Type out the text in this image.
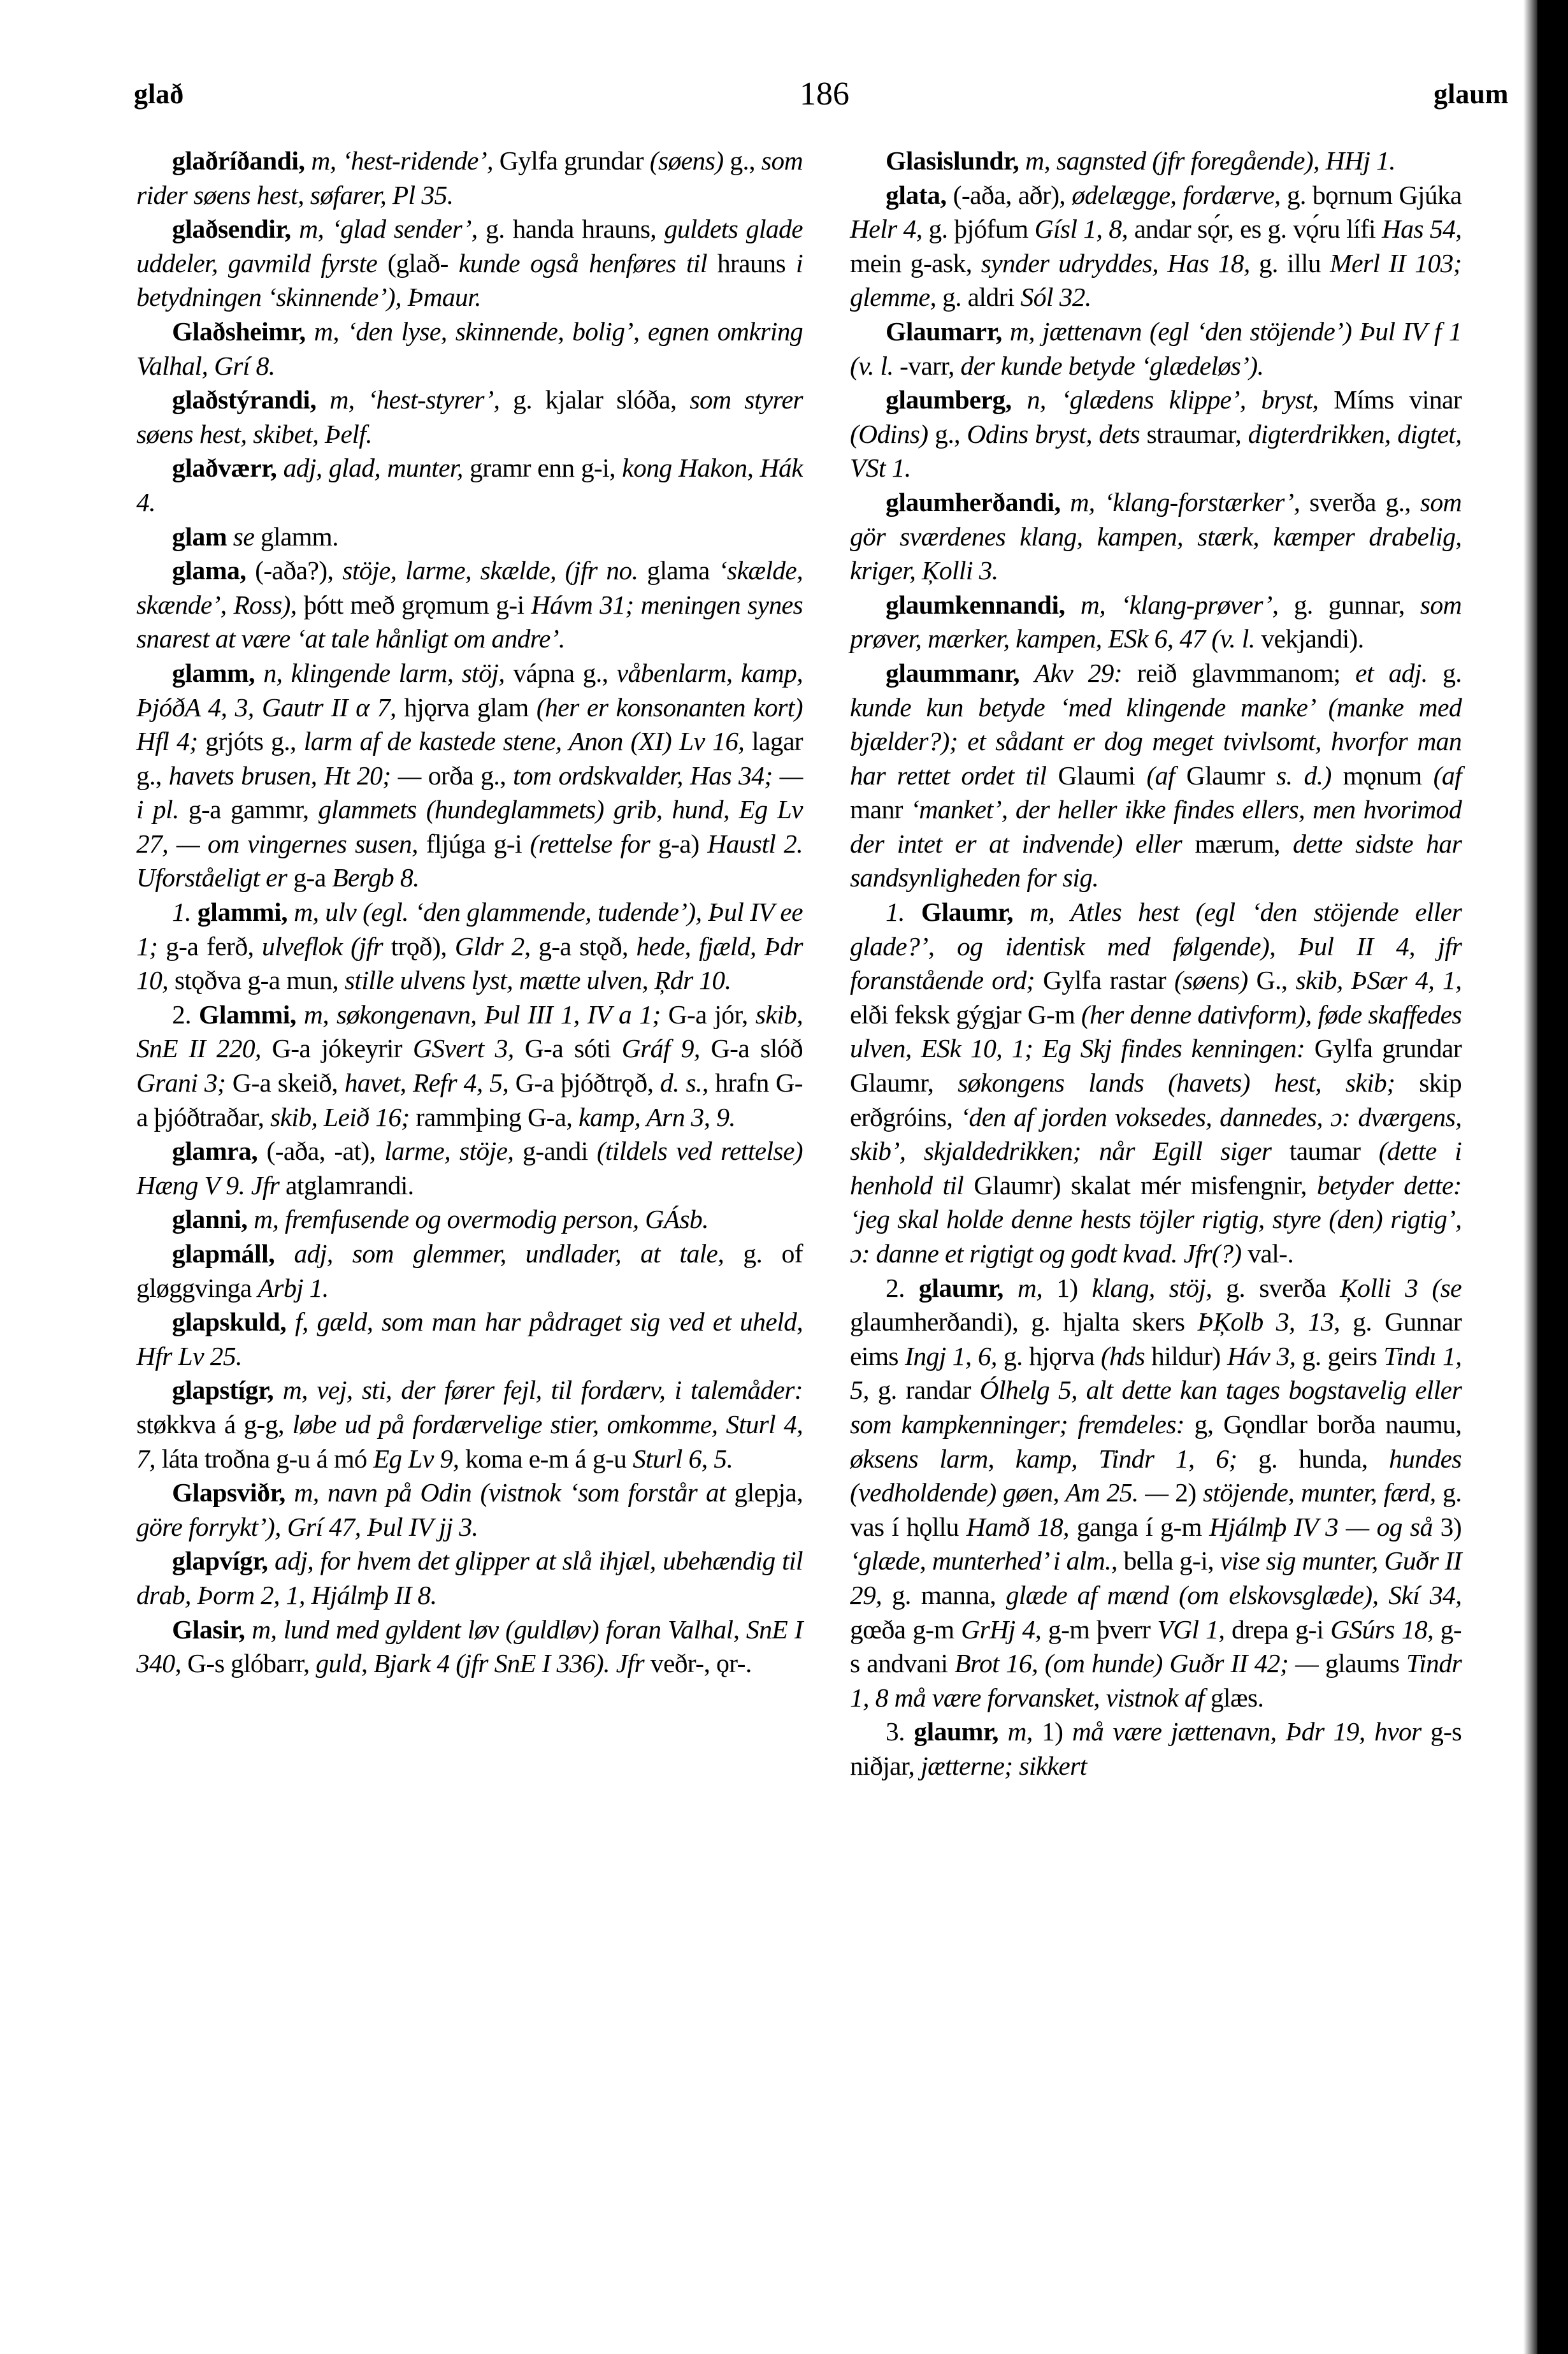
glað	186	glaum

glaðríðandi, m, ‘hest-ridende’, Gylfa grundar (søens) g., som rider søens hest, søfarer, Pl 35.

glaðsendir, m, ‘glad sender’, g. handa hrauns, guldets glade uddeler, gavmild fyrste (glað- kunde også henføres til hrauns i betydningen ‘skinnende’), Þmaur.

Glaðsheimr, m, ‘den lyse, skinnende, bolig’, egnen omkring Valhal, Grí 8.

glaðstýrandi, m, ‘hest-styrer’, g. kjalar slóða, som styrer søens hest, skibet, Þelf.

glaðværr, adj, glad, munter, gramr enn g-i, kong Hakon, Hák 4.

glam se glamm.

glama, (-aða?), stöje, larme, skælde, (jfr no. glama ‘skælde, skænde’, Ross), þótt með grǫmum g-i Hávm 31; meningen synes snarest at være ‘at tale hånligt om andre’.

glamm, n, klingende larm, stöj, vápna g., våbenlarm, kamp, ÞjóðA 4, 3, Gautr II α 7, hjǫrva glam (her er konsonanten kort) Hfl 4; grjóts g., larm af de kastede stene, Anon (XI) Lv 16, lagar g., havets brusen, Ht 20; — orða g., tom ordskvalder, Has 34; — i pl. g-a gammr, glammets (hundeglammets) grib, hund, Eg Lv 27, — om vingernes susen, fljúga g-i (rettelse for g-a) Haustl 2. Uforståeligt er g-a Bergb 8.

1. glammi, m, ulv (egl. ‘den glammende, tudende’), Þul IV ee 1; g-a ferð, ulveflok (jfr trǫð), Gldr 2, g-a stǫð, hede, fjæld, Þdr 10, stǫðva g-a mun, stille ulvens lyst, mætte ulven, Ŗdr 10.

2. Glammi, m, søkongenavn, Þul III 1, IV a 1; G-a jór, skib, SnE II 220, G-a jókeyrir GSvert 3, G-a sóti Gráf 9, G-a slóð Grani 3; G-a skeið, havet, Refr 4, 5, G-a þjóðtrǫð, d. s., hrafn G-a þjóðtraðar, skib, Leið 16; rammþing G-a, kamp, Arn 3, 9.

glamra, (-aða, -at), larme, stöje, g-andi (tildels ved rettelse) Hæng V 9. Jfr atglamrandi.

glanni, m, fremfusende og overmodig person, GÁsb.

glapmáll, adj, som glemmer, undlader, at tale, g. of gløggvinga Arbj 1.

glapskuld, f, gæld, som man har pådraget sig ved et uheld, Hfr Lv 25.

glapstígr, m, vej, sti, der fører fejl, til fordærv, i talemåder: støkkva á g-g, løbe ud på fordærvelige stier, omkomme, Sturl 4, 7, láta troðna g-u á mó Eg Lv 9, koma e-m á g-u Sturl 6, 5.

Glapsviðr, m, navn på Odin (vistnok ‘som forstår at glepja, göre forrykt’), Grí 47, Þul IV jj 3.

glapvígr, adj, for hvem det glipper at slå ihjæl, ubehændig til drab, Þorm 2, 1, Hjálmþ II 8.

Glasir, m, lund med gyldent løv (guldløv) foran Valhal, SnE I 340, G-s glóbarr, guld, Bjark 4 (jfr SnE I 336). Jfr veðr-, ǫr-.

Glasislundr, m, sagnsted (jfr foregående), HHj 1.

glata, (-aða, aðr), ødelægge, fordærve, g. bǫrnum Gjúka Helr 4, g. þjófum Gísl 1, 8, andar sǫ́r, es g. vǫ́ru lífi Has 54, mein g-ask, synder udryddes, Has 18, g. illu Merl II 103; glemme, g. aldri Sól 32.

Glaumarr, m, jættenavn (egl ‘den stöjende’) Þul IV f 1 (v. l. -varr, der kunde betyde ‘glædeløs’).

glaumberg, n, ‘glædens klippe’, bryst, Míms vinar (Odins) g., Odins bryst, dets straumar, digterdrikken, digtet, VSt 1.

glaumherðandi, m, ‘klang-forstærker’, sverða g., som gör sværdenes klang, kampen, stærk, kæmper drabelig, kriger, Ķolli 3.

glaumkennandi, m, ‘klang-prøver’, g. gunnar, som prøver, mærker, kampen, ESk 6, 47 (v. l. vekjandi).

glaummanr, Akv 29: reið glavmmanom; et adj. g. kunde kun betyde ‘med klingende manke’ (manke med bjælder?); et sådant er dog meget tvivlsomt, hvorfor man har rettet ordet til Glaumi (af Glaumr s. d.) mǫnum (af manr ‘manket’, der heller ikke findes ellers, men hvorimod der intet er at indvende) eller mærum, dette sidste har sandsynligheden for sig.

1. Glaumr, m, Atles hest (egl ‘den stöjende eller glade?’, og identisk med følgende), Þul II 4, jfr foranstående ord; Gylfa rastar (søens) G., skib, ÞSær 4, 1, elði feksk gýgjar G-m (her denne dativform), føde skaffedes ulven, ESk 10, 1; Eg Skj findes kenningen: Gylfa grundar Glaumr, søkongens lands (havets) hest, skib; skip erðgróins, ‘den af jorden voksedes, dannedes, ɔ: dværgens, skib’, skjaldedrikken; når Egill siger taumar (dette i henhold til Glaumr) skalat mér misfengnir, betyder dette: ‘jeg skal holde denne hests töjler rigtig, styre (den) rigtig’, ɔ: danne et rigtigt og godt kvad. Jfr(?) val-.

2. glaumr, m, 1) klang, stöj, g. sverða Ķolli 3 (se glaumherðandi), g. hjalta skers ÞĶolb 3, 13, g. Gunnar eims Ingj 1, 6, g. hjǫrva (hds hildur) Háv 3, g. geirs Tindı 1, 5, g. randar Ólhelg 5, alt dette kan tages bogstavelig eller som kampkenninger; fremdeles: g, Gǫndlar borða naumu, øksens larm, kamp, Tindr 1, 6; g. hunda, hundes (vedholdende) gøen, Am 25. — 2) stöjende, munter, færd, g. vas í hǫllu Hamð 18, ganga í g-m Hjálmþ IV 3 — og så 3) ‘glæde, munterhed’ i alm., bella g-i, vise sig munter, Guðr II 29, g. manna, glæde af mænd (om elskovsglæde), Skí 34, gœða g-m GrHj 4, g-m þverr VGl 1, drepa g-i GSúrs 18, g-s andvani Brot 16, (om hunde) Guðr II 42; — glaums Tindr 1, 8 må være forvansket, vistnok af glæs.

3. glaumr, m, 1) må være jættenavn, Þdr 19, hvor g-s niðjar, jætterne; sikkert
